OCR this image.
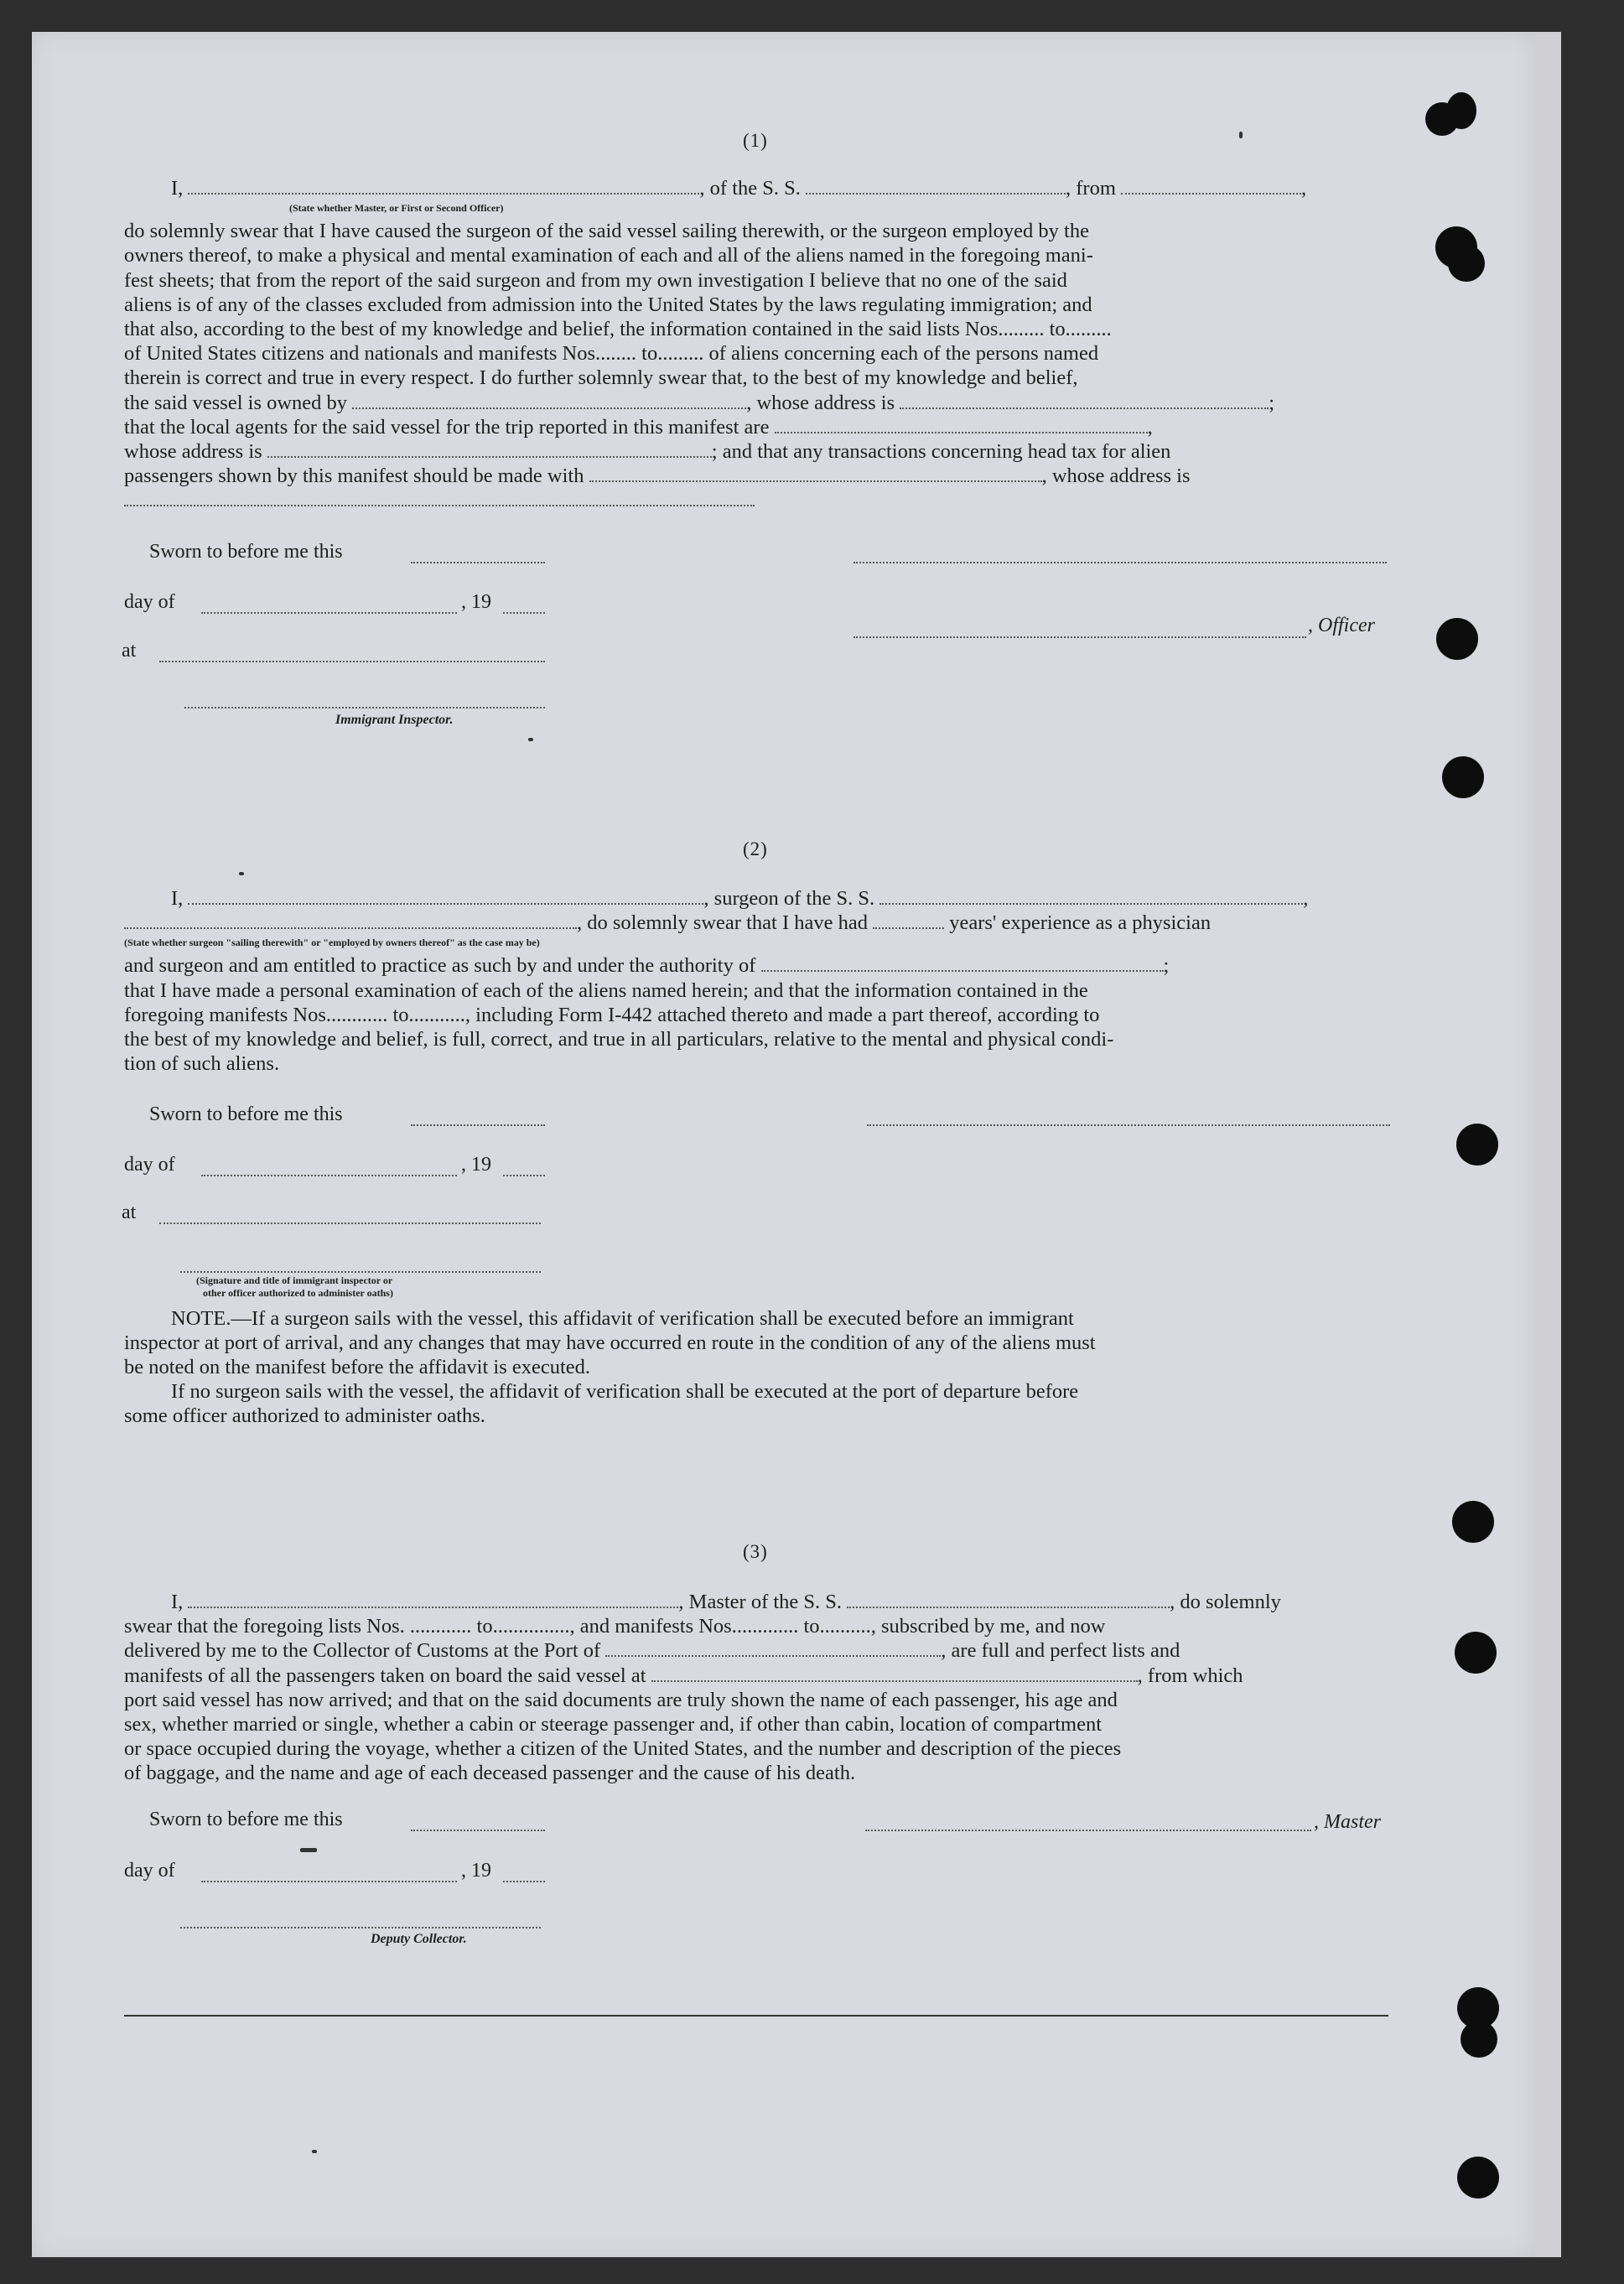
(1)
I,	, of the S. S.	, from	,
do solemnly swear that I have caused the surgeon of the said vessel sailing therewith, or the surgeon employed by the
owners thereof, to make a physical and mental examination of each and all of the aliens named in the foregoing mani-
fest sheets; that from the report of the said surgeon and from my own investigation I believe that no one of the said
aliens is of any of the classes excluded from admission into the United States by the laws regulating immigration; and
that also, according to the best of my knowledge and belief, the information contained in the said lists Nos......... to.........
of United States citizens and nationals and manifests Nos........ to......... of aliens concerning each of the persons named
therein is correct and true in every respect. I do further solemnly swear that, to the best of my knowledge and belief,
the said vessel is owned by	, whose address is	;
that the local agents for the said vessel for the trip reported in this manifest are	,
whose address is	; and that any transactions concerning head tax for alien
passengers shown by this manifest should be made with	, whose address is
(State whether Master, or First or Second Officer)
Sworn to before me this
day of	, 19
, Officer
at
Immigrant Inspector.
(2)
I,	, surgeon of the S. S.	,
, do solemnly swear that I have had	years' experience as a physician
and surgeon and am entitled to practice as such by and under the authority of	;
that I have made a personal examination of each of the aliens named herein; and that the information contained in the
foregoing manifests Nos............ to..........., including Form I-442 attached thereto and made a part thereof, according to
the best of my knowledge and belief, is full, correct, and true in all particulars, relative to the mental and physical condi-
tion of such aliens.
(State whether surgeon "sailing therewith" or "employed by owners thereof" as the case may be)
Sworn to before me this
day of	, 19
at
(Signature and title of immigrant inspector or
other officer authorized to administer oaths)
NOTE.—If a surgeon sails with the vessel, this affidavit of verification shall be executed before an immigrant
inspector at port of arrival, and any changes that may have occurred en route in the condition of any of the aliens must
be noted on the manifest before the affidavit is executed.
If no surgeon sails with the vessel, the affidavit of verification shall be executed at the port of departure before
some officer authorized to administer oaths.
(3)
I,	, Master of the S. S.	, do solemnly
swear that the foregoing lists Nos. ............ to..............., and manifests Nos............. to.........., subscribed by me, and now
delivered by me to the Collector of Customs at the Port of	, are full and perfect lists and
manifests of all the passengers taken on board the said vessel at	, from which
port said vessel has now arrived; and that on the said documents are truly shown the name of each passenger, his age and
sex, whether married or single, whether a cabin or steerage passenger and, if other than cabin, location of compartment
or space occupied during the voyage, whether a citizen of the United States, and the number and description of the pieces
of baggage, and the name and age of each deceased passenger and the cause of his death.
Sworn to before me this	, Master
day of	, 19
Deputy Collector.
